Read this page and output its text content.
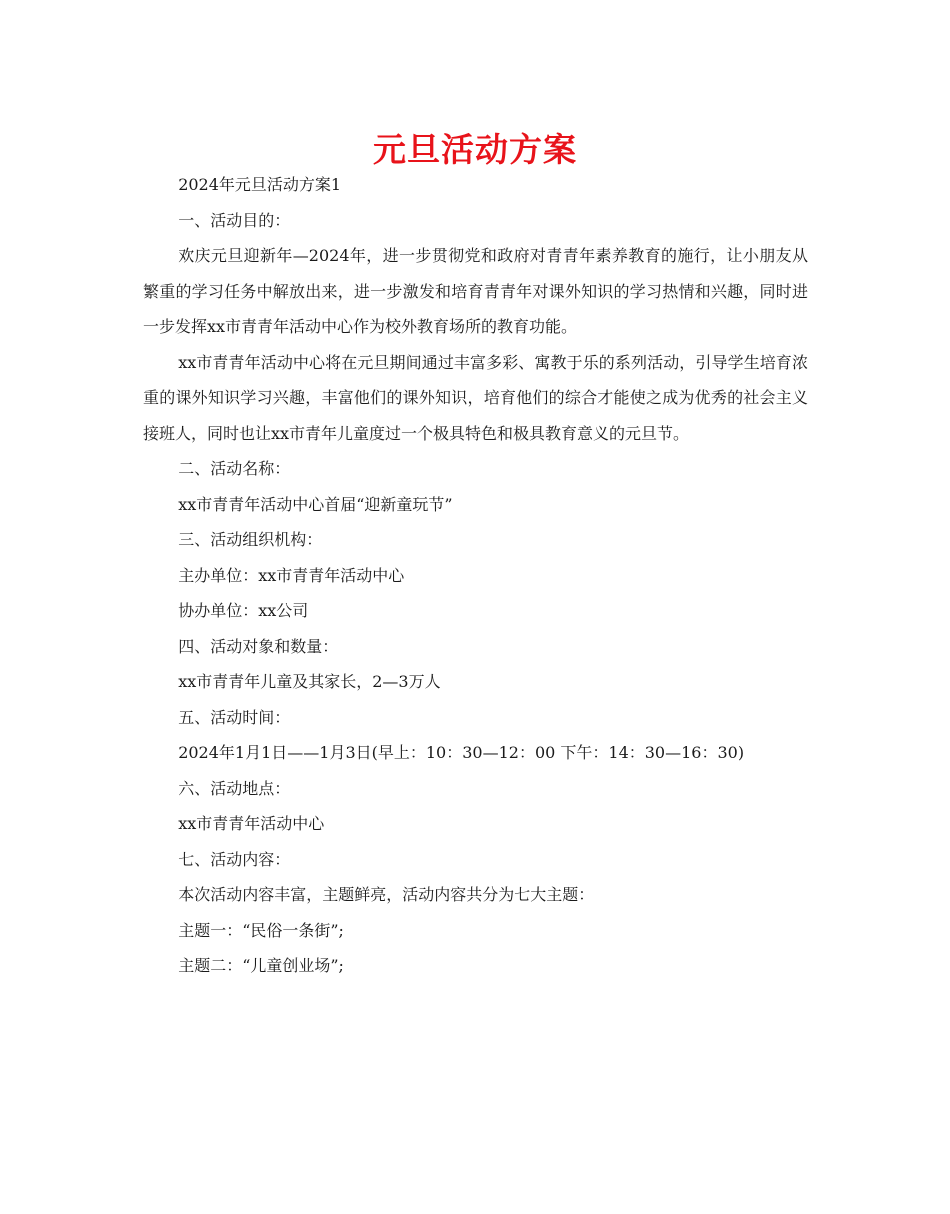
元旦活动方案

2024年元旦活动方案1

一、活动目的：

欢庆元旦迎新年—2024年，进一步贯彻党和政府对青青年素养教育的施行，让小朋友从繁重的学习任务中解放出来，进一步激发和培育青青年对课外知识的学习热情和兴趣，同时进一步发挥xx市青青年活动中心作为校外教育场所的教育功能。

xx市青青年活动中心将在元旦期间通过丰富多彩、寓教于乐的系列活动，引导学生培育浓重的课外知识学习兴趣，丰富他们的课外知识，培育他们的综合才能使之成为优秀的社会主义接班人，同时也让xx市青年儿童度过一个极具特色和极具教育意义的元旦节。

二、活动名称：

xx市青青年活动中心首届“迎新童玩节”

三、活动组织机构：

主办单位：xx市青青年活动中心

协办单位：xx公司

四、活动对象和数量：

xx市青青年儿童及其家长，2—3万人

五、活动时间：

2024年1月1日——1月3日(早上：10：30—12：00 下午：14：30—16：30)

六、活动地点：

xx市青青年活动中心

七、活动内容：

本次活动内容丰富，主题鲜亮，活动内容共分为七大主题：

主题一：“民俗一条街”;

主题二：“儿童创业场”;
